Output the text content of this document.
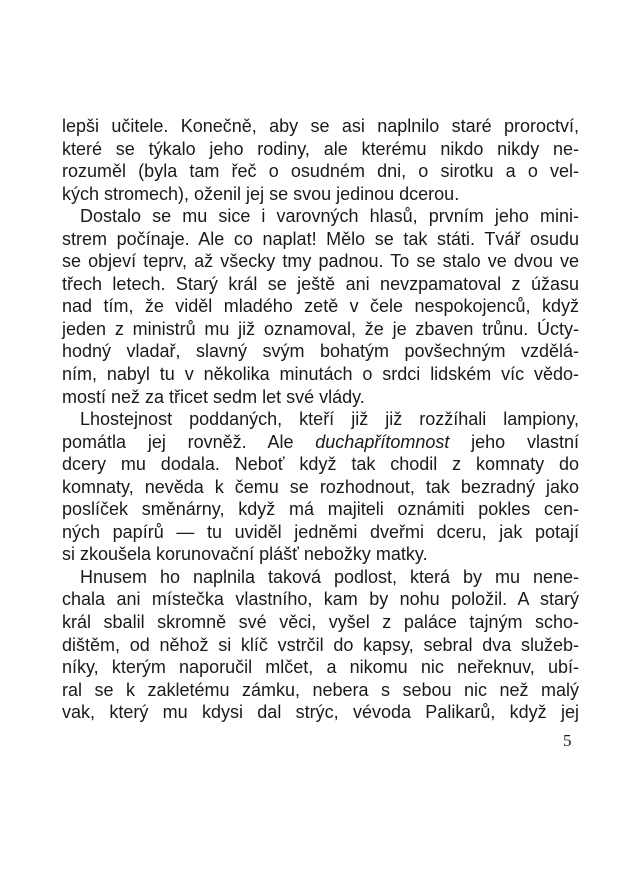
lepši učitele. Konečně, aby se asi naplnilo staré proroctví,
které se týkalo jeho rodiny, ale kterému nikdo nikdy ne-
rozuměl (byla tam řeč o osudném dni, o sirotku a o vel-
kých stromech), oženil jej se svou jedinou dcerou.
Dostalo se mu sice i varovných hlasů, prvním jeho mini-
strem počínaje. Ale co naplat! Mělo se tak státi. Tvář osudu
se objeví teprv, až všecky tmy padnou. To se stalo ve dvou ve
třech letech. Starý král se ještě ani nevzpamatoval z úžasu
nad tím, že viděl mladého zetě v čele nespokojenců, když
jeden z ministrů mu již oznamoval, že je zbaven trůnu. Úcty-
hodný vladař, slavný svým bohatým povšechným vzdělá-
ním, nabyl tu v několika minutách o srdci lidském víc vědo-
mostí než za třicet sedm let své vlády.
Lhostejnost poddaných, kteří již již rozžíhali lampiony,
pomátla jej rovněž. Ale duchapřítomnost jeho vlastní
dcery mu dodala. Neboť když tak chodil z komnaty do
komnaty, nevěda k čemu se rozhodnout, tak bezradný jako
poslíček směnárny, když má majiteli oznámiti pokles cen-
ných papírů — tu uviděl jedněmi dveřmi dceru, jak potají
si zkoušela korunovační plášť nebožky matky.
Hnusem ho naplnila taková podlost, která by mu nene-
chala ani místečka vlastního, kam by nohu položil. A starý
král sbalil skromně své věci, vyšel z paláce tajným scho-
dištěm, od něhož si klíč vstrčil do kapsy, sebral dva služeb-
níky, kterým naporučil mlčet, a nikomu nic neřeknuv, ubí-
ral se k zakletému zámku, nebera s sebou nic než malý
vak, který mu kdysi dal strýc, vévoda Palikarů, když jej
5
